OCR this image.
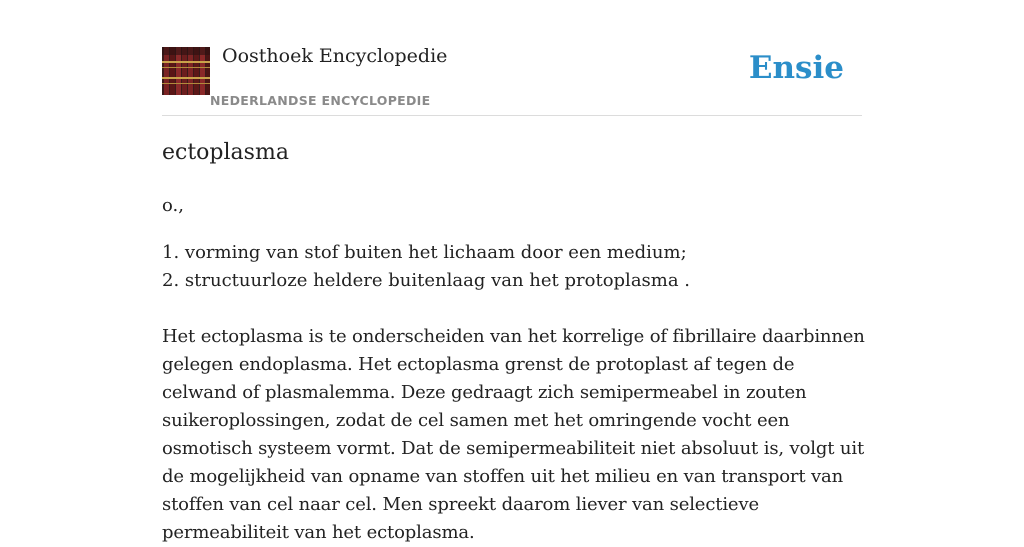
Oosthoek Encyclopedie
NEDERLANDSE ENCYCLOPEDIE
Ensie
ectoplasma

o.,

1. vorming van stof buiten het lichaam door een medium;
2. structuurloze heldere buitenlaag van het protoplasma .

Het ectoplasma is te onderscheiden van het korrelige of fibrillaire daarbinnen gelegen endoplasma. Het ectoplasma grenst de protoplast af tegen de celwand of plasmalemma. Deze gedraagt zich semipermeabel in zouten suikeroplossingen, zodat de cel samen met het omringende vocht een osmotisch systeem vormt. Dat de semipermeabiliteit niet absoluut is, volgt uit de mogelijkheid van opname van stoffen uit het milieu en van transport van stoffen van cel naar cel. Men spreekt daarom liever van selectieve permeabiliteit van het ectoplasma.
